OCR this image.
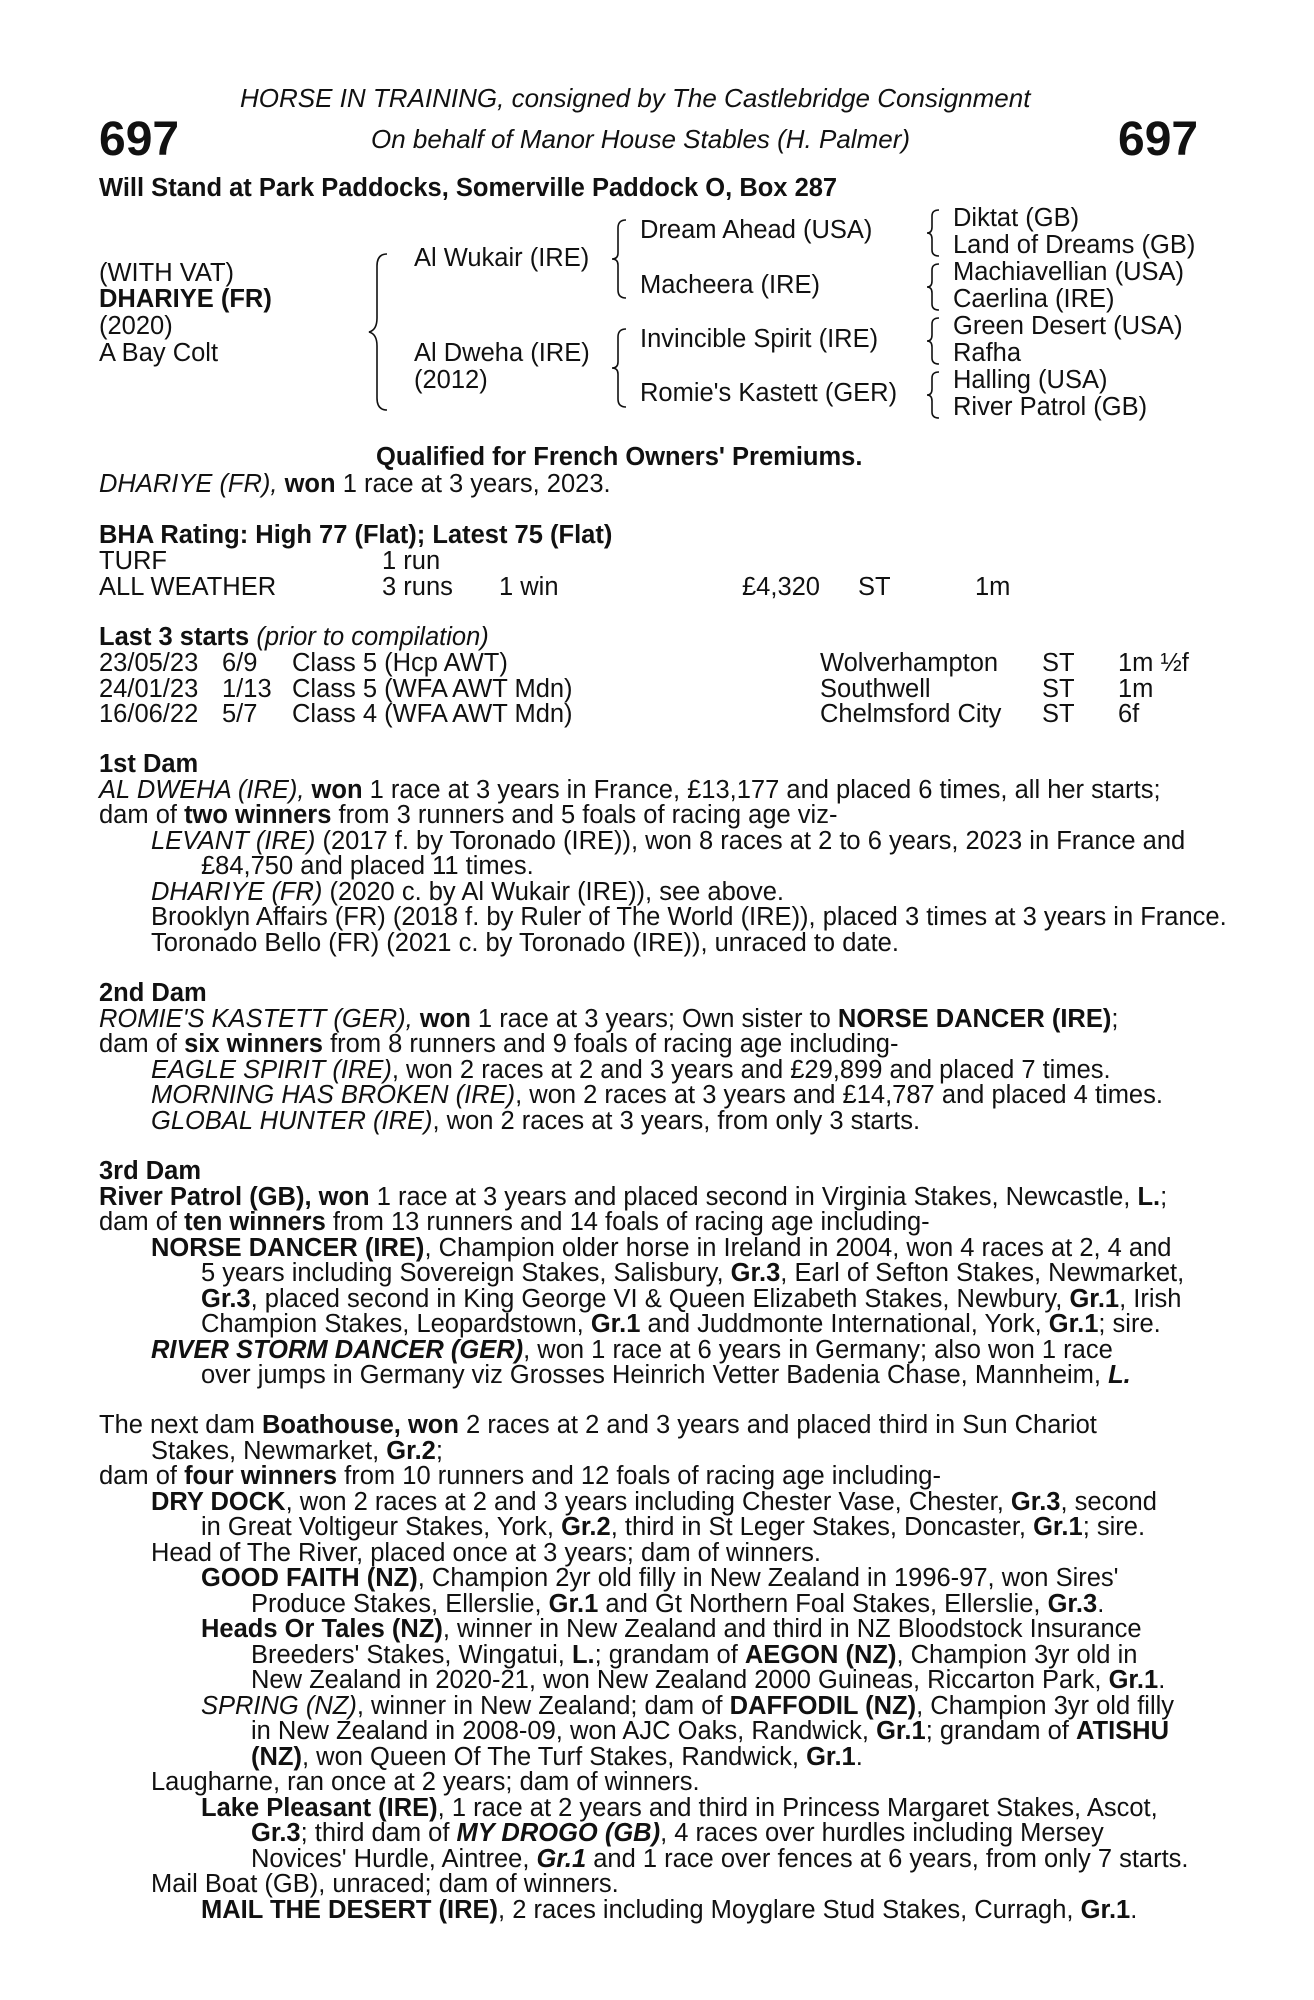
697	697
HORSE IN TRAINING, consigned by The Castlebridge Consignment
On behalf of Manor House Stables (H. Palmer)
Will Stand at Park Paddocks, Somerville Paddock O, Box 287
(WITH VAT)
DHARIYE (FR)
(2020)
A Bay Colt
Al Wukair (IRE)
Al Dweha (IRE)
(2012)
Dream Ahead (USA)
Macheera (IRE)
Invincible Spirit (IRE)
Romie's Kastett (GER)
Diktat (GB)
Land of Dreams (GB)
Machiavellian (USA)
Caerlina (IRE)
Green Desert (USA)
Rafha
Halling (USA)
River Patrol (GB)
Qualified for French Owners' Premiums.
DHARIYE (FR), won 1 race at 3 years, 2023.
BHA Rating: High 77 (Flat); Latest 75 (Flat)
TURF	1 run
ALL WEATHER	3 runs 1 win	£4,320 ST	1m
Last 3 starts (prior to compilation)
23/05/23 6/9 Class 5 (Hcp AWT)	Wolverhampton ST 1m ½f
24/01/23 1/13 Class 5 (WFA AWT Mdn)	Southwell	ST 1m
16/06/22 5/7 Class 4 (WFA AWT Mdn)	Chelmsford City ST 6f

1st Dam

AL DWEHA (IRE), won 1 race at 3 years in France, £13,177 and placed 6 times, all her starts;

dam of two winners from 3 runners and 5 foals of racing age viz-

LEVANT (IRE) (2017 f. by Toronado (IRE)), won 8 races at 2 to 6 years, 2023 in France and

£84,750 and placed 11 times.

DHARIYE (FR) (2020 c. by Al Wukair (IRE)), see above.

Brooklyn Affairs (FR) (2018 f. by Ruler of The World (IRE)), placed 3 times at 3 years in France.

Toronado Bello (FR) (2021 c. by Toronado (IRE)), unraced to date.

2nd Dam

ROMIE'S KASTETT (GER), won 1 race at 3 years; Own sister to NORSE DANCER (IRE);

dam of six winners from 8 runners and 9 foals of racing age including-

EAGLE SPIRIT (IRE), won 2 races at 2 and 3 years and £29,899 and placed 7 times.

MORNING HAS BROKEN (IRE), won 2 races at 3 years and £14,787 and placed 4 times.

GLOBAL HUNTER (IRE), won 2 races at 3 years, from only 3 starts.

3rd Dam

River Patrol (GB), won 1 race at 3 years and placed second in Virginia Stakes, Newcastle, L.;

dam of ten winners from 13 runners and 14 foals of racing age including-

NORSE DANCER (IRE), Champion older horse in Ireland in 2004, won 4 races at 2, 4 and

5 years including Sovereign Stakes, Salisbury, Gr.3, Earl of Sefton Stakes, Newmarket,

Gr.3, placed second in King George VI & Queen Elizabeth Stakes, Newbury, Gr.1, Irish

Champion Stakes, Leopardstown, Gr.1 and Juddmonte International, York, Gr.1; sire.

RIVER STORM DANCER (GER), won 1 race at 6 years in Germany; also won 1 race

over jumps in Germany viz Grosses Heinrich Vetter Badenia Chase, Mannheim, L.

The next dam Boathouse, won 2 races at 2 and 3 years and placed third in Sun Chariot

Stakes, Newmarket, Gr.2;

dam of four winners from 10 runners and 12 foals of racing age including-

DRY DOCK, won 2 races at 2 and 3 years including Chester Vase, Chester, Gr.3, second

in Great Voltigeur Stakes, York, Gr.2, third in St Leger Stakes, Doncaster, Gr.1; sire.

Head of The River, placed once at 3 years; dam of winners.

GOOD FAITH (NZ), Champion 2yr old filly in New Zealand in 1996-97, won Sires'

Produce Stakes, Ellerslie, Gr.1 and Gt Northern Foal Stakes, Ellerslie, Gr.3.

Heads Or Tales (NZ), winner in New Zealand and third in NZ Bloodstock Insurance

Breeders' Stakes, Wingatui, L.; grandam of AEGON (NZ), Champion 3yr old in

New Zealand in 2020-21, won New Zealand 2000 Guineas, Riccarton Park, Gr.1.

SPRING (NZ), winner in New Zealand; dam of DAFFODIL (NZ), Champion 3yr old filly

in New Zealand in 2008-09, won AJC Oaks, Randwick, Gr.1; grandam of ATISHU

(NZ), won Queen Of The Turf Stakes, Randwick, Gr.1.

Laugharne, ran once at 2 years; dam of winners.

Lake Pleasant (IRE), 1 race at 2 years and third in Princess Margaret Stakes, Ascot,

Gr.3; third dam of MY DROGO (GB), 4 races over hurdles including Mersey

Novices' Hurdle, Aintree, Gr.1 and 1 race over fences at 6 years, from only 7 starts.

Mail Boat (GB), unraced; dam of winners.

MAIL THE DESERT (IRE), 2 races including Moyglare Stud Stakes, Curragh, Gr.1.
